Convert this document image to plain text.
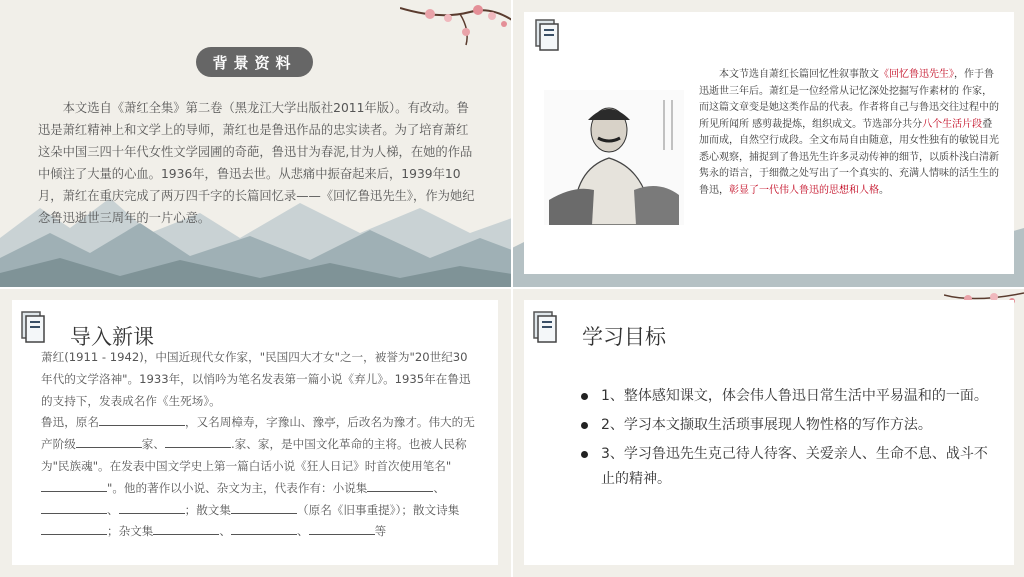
背景资料
本文选自《萧红全集》第二卷（黑龙江大学出版社2011年版）。有改动。鲁迅是萧红精神上和文学上的导师，萧红也是鲁迅作品的忠实读者。为了培育萧红这朵中国三四十年代女性文学园圃的奇葩，鲁迅甘为春泥,甘为人梯，在她的作品中倾注了大量的心血。1936年，鲁迅去世。从悲痛中振奋起来后，1939年10月，萧红在重庆完成了两万四千字的长篇回忆录——《回忆鲁迅先生》，作为她纪念鲁迅逝世三周年的一片心意。
本文节选自萧红长篇回忆性叙事散文《回忆鲁迅先生》，作于鲁迅逝世三年后。萧红是一位经常从记忆深处挖掘写作素材的 作家，而这篇文章变是她这类作品的代表。作者将自己与鲁迅交往过程中的所见所闻所 感剪裁提炼，组织成文。节选部分共分八个生活片段叠加而成，自然空行成段。全文布局自由随意，用女性独有的敏锐目光悉心观察，捕捉到了鲁迅先生许多灵动传神的细节，以质朴浅白清新隽永的语言，于细微之处写出了一个真实的、充满人情味的活生生的鲁迅，彰显了一代伟人鲁迅的思想和人格。
导入新课
萧红(1911 - 1942)，中国近现代女作家，"民国四大才女"之一，被誉为"20世纪30年代的文学洛神"。1933年，以悄吟为笔名发表第一篇小说《弃儿》。1935年在鲁迅的支持下，发表成名作《生死场》。
鲁迅，原名	，又名周樟寿，字豫山、豫亭，后改名为豫才。伟大的无产阶级	家、	.家、家，是中国文化革命的主将。也被人民称为"民族魂"。在发表中国文学史上第一篇白话小说《狂人日记》时首次使用笔名""。他的著作以小说、杂文为主，代表作有：小说集	、、	；散文集	（原名《旧事重提》）；散文诗集；杂文集	、	、	等
学习目标
1、整体感知课文，体会伟人鲁迅日常生活中平易温和的一面。
2、学习本文撷取生活琐事展现人物性格的写作方法。
3、学习鲁迅先生克己待人待客、关爱亲人、生命不息、战斗不止的精神。
